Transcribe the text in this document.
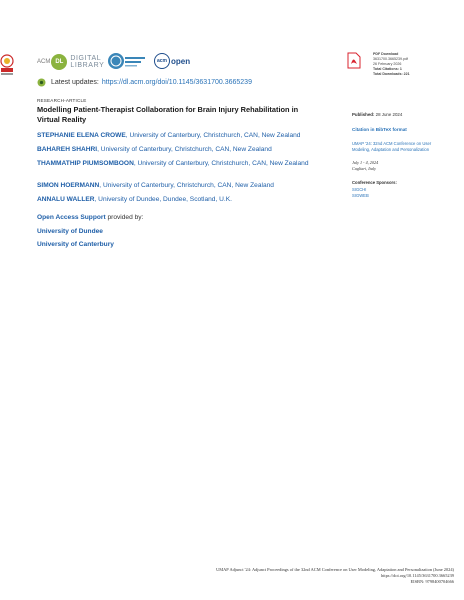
ACM DL	DIGITAL
LIBRARY
acm open
PDF Download
3631700.3665239.pdf
26 February 2026
Total Citations: 1
Total Downloads: 221
Latest updates: https://dl.acm.org/doi/10.1145/3631700.3665239
RESEARCH-ARTICLE
Modelling Patient-Therapist Collaboration for Brain Injury Rehabilitation in Virtual Reality
STEPHANIE ELENA CROWE, University of Canterbury, Christchurch, CAN, New Zealand
BAHAREH SHAHRI, University of Canterbury, Christchurch, CAN, New Zealand
THAMMATHIP PIUMSOMBOON, University of Canterbury, Christchurch, CAN, New Zealand
SIMON HOERMANN, University of Canterbury, Christchurch, CAN, New Zealand
ANNALU WALLER, University of Dundee, Dundee, Scotland, U.K.
Open Access Support provided by:
University of Dundee
University of Canterbury
Published: 28 June 2024
Citation in BibTeX format
UMAP '24: 32nd ACM Conference on User Modeling, Adaptation and Personalization
July 1 - 4, 2024
Cagliari, Italy
Conference Sponsors:
SIGCHI
SIGWEB
UMAP Adjunct '24: Adjunct Proceedings of the 32nd ACM Conference on User Modeling, Adaptation and Personalization (June 2024)
https://doi.org/10.1145/3631700.3665239
EISBN: 9798400704666
